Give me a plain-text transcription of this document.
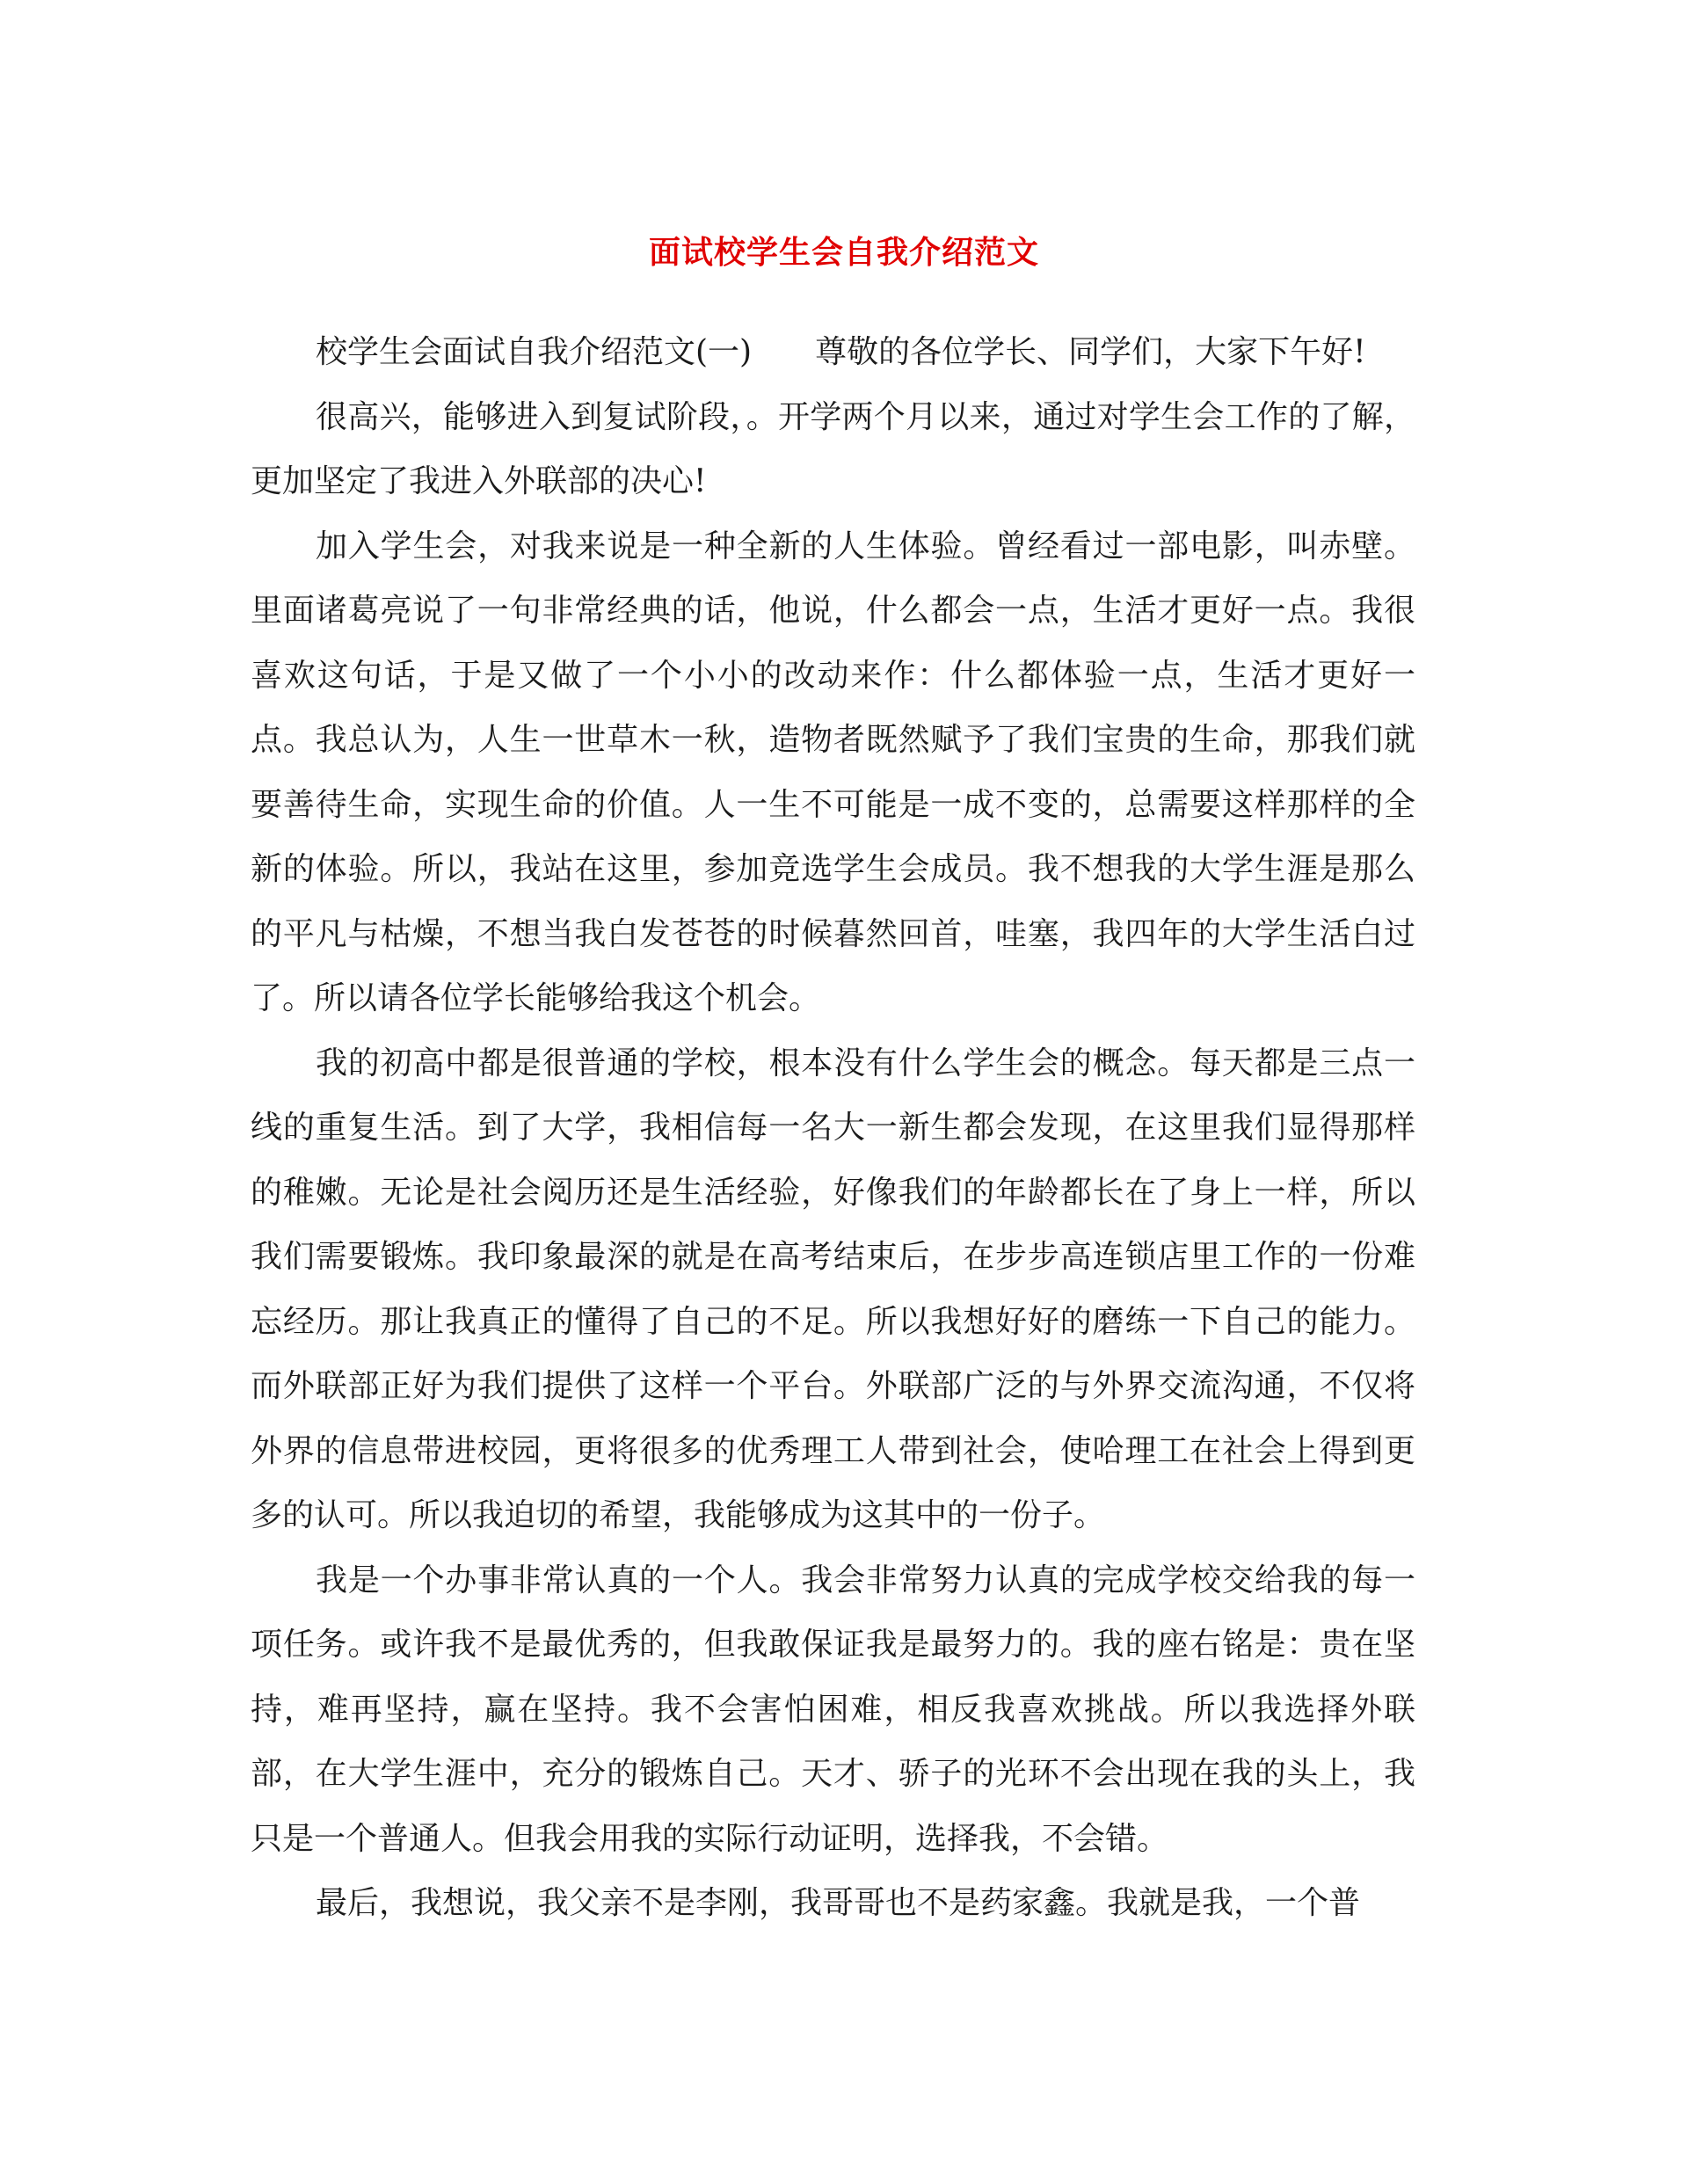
面试校学生会自我介绍范文

校学生会面试自我介绍范文(一)　　尊敬的各位学长、同学们，大家下午好!

很高兴，能够进入到复试阶段，。开学两个月以来，通过对学生会工作的了解，更加坚定了我进入外联部的决心!

加入学生会，对我来说是一种全新的人生体验。曾经看过一部电影，叫赤壁。里面诸葛亮说了一句非常经典的话，他说，什么都会一点，生活才更好一点。我很喜欢这句话，于是又做了一个小小的改动来作：什么都体验一点，生活才更好一点。我总认为，人生一世草木一秋，造物者既然赋予了我们宝贵的生命，那我们就要善待生命，实现生命的价值。人一生不可能是一成不变的，总需要这样那样的全新的体验。所以，我站在这里，参加竞选学生会成员。我不想我的大学生涯是那么的平凡与枯燥，不想当我白发苍苍的时候暮然回首，哇塞，我四年的大学生活白过了。所以请各位学长能够给我这个机会。

我的初高中都是很普通的学校，根本没有什么学生会的概念。每天都是三点一线的重复生活。到了大学，我相信每一名大一新生都会发现，在这里我们显得那样的稚嫩。无论是社会阅历还是生活经验，好像我们的年龄都长在了身上一样，所以我们需要锻炼。我印象最深的就是在高考结束后，在步步高连锁店里工作的一份难忘经历。那让我真正的懂得了自己的不足。所以我想好好的磨练一下自己的能力。而外联部正好为我们提供了这样一个平台。外联部广泛的与外界交流沟通，不仅将外界的信息带进校园，更将很多的优秀理工人带到社会，使哈理工在社会上得到更多的认可。所以我迫切的希望，我能够成为这其中的一份子。

我是一个办事非常认真的一个人。我会非常努力认真的完成学校交给我的每一项任务。或许我不是最优秀的，但我敢保证我是最努力的。我的座右铭是：贵在坚持，难再坚持，赢在坚持。我不会害怕困难，相反我喜欢挑战。所以我选择外联部，在大学生涯中，充分的锻炼自己。天才、骄子的光环不会出现在我的头上，我只是一个普通人。但我会用我的实际行动证明，选择我，不会错。

最后，我想说，我父亲不是李刚，我哥哥也不是药家鑫。我就是我，一个普
